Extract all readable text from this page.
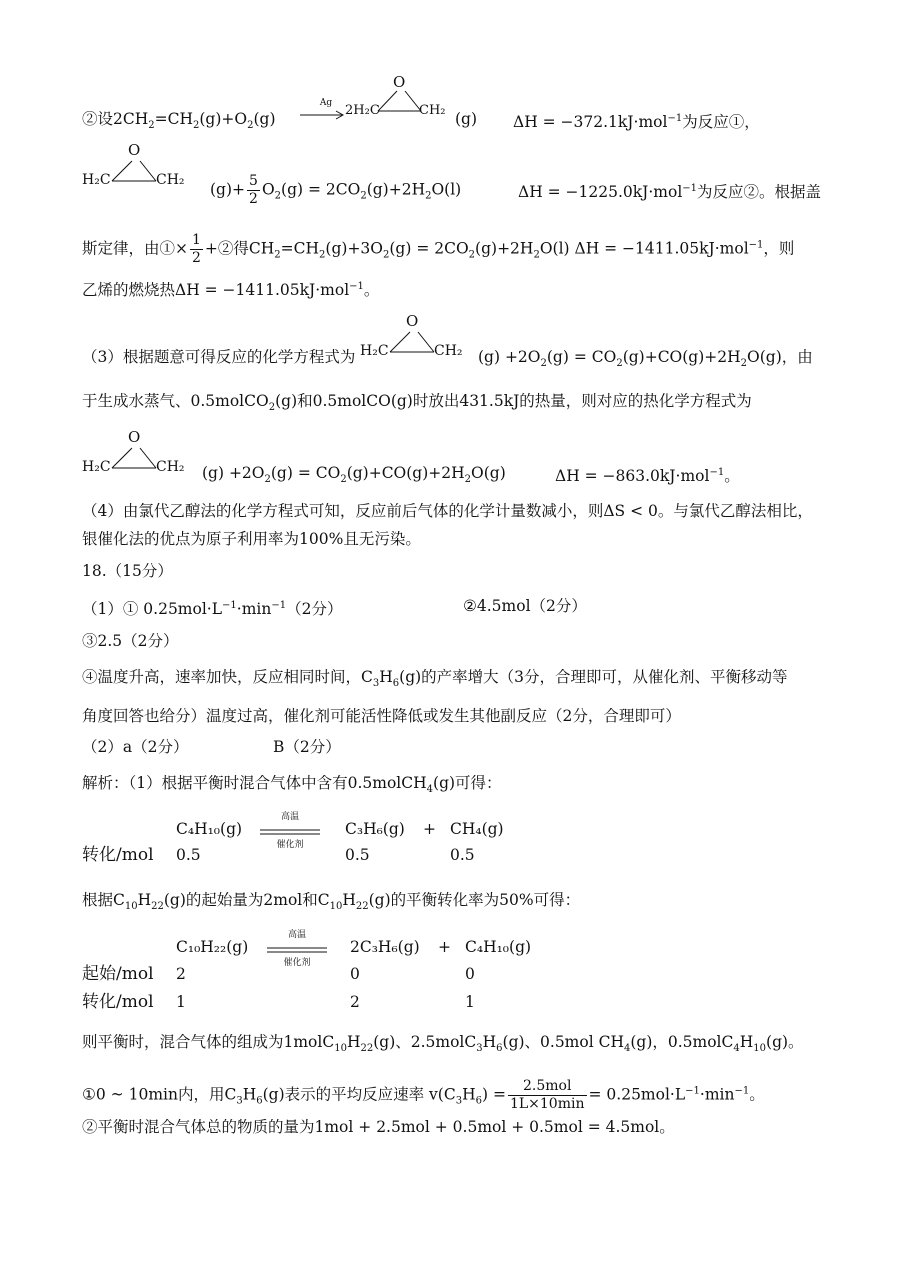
②设$2CH_2=CH_2(g)+O_2(g)$
Ag
O
2H₂C	CH₂ (g) ΔH = −372.1kJ·mol$^{-1}$为反应①，
O
H₂C	CH₂
$(g)+ \frac{5}{2} O_2(g) = 2CO_2(g)+2H_2O(l)$	ΔH = −1225.0kJ·mol$^{-1}$为反应②。根据盖
斯定律，由①× $\frac{1}{2}$ +②得$CH_2=CH_2(g)+3O_2(g) = 2CO_2(g)+2H_2O(l) \Delta H = -1411.05kJ\cdot mol^{-1}$，则
乙烯的燃烧热ΔH = −1411.05kJ·mol$^{-1}$。
（3）根据题意可得反应的化学方程式为
O
H₂C	CH₂ $(g) +2O_2(g) = CO_2(g)+CO(g)+2H_2O(g)$，由
于生成水蒸气、0.5molCO$_2$(g)和0.5molCO(g)时放出431.5kJ的热量，则对应的热化学方程式为
O
H₂C	CH₂ $(g) +2O_2(g) = CO_2(g)+CO(g)+2H_2O(g)$	ΔH = −863.0kJ·mol$^{-1}$。
（4）由氯代乙醇法的化学方程式可知，反应前后气体的化学计量数减小，则ΔS < 0。与氯代乙醇法相比，
银催化法的优点为原子利用率为100%且无污染。
18.（15分）
（1）① $0.25mol\cdot L^{-1}\cdot\min^{-1}(2$分）	②4.5mol（2分）
③2.5（2分）
④温度升高，速率加快，反应相同时间，$C_3H_6(g)$的产率增大（3分，合理即可，从催化剂、平衡移动等
角度回答也给分）温度过高，催化剂可能活性降低或发生其他副反应（2分，合理即可）
（2）a（2分）	B（2分）
解析：（1）根据平衡时混合气体中含有0.5molCH$_4$(g)可得：
C₄H₁₀(g)
高温
催化剂
C₃H₆(g) + CH₄(g)
转化/mol 0.5	0.5	0.5
根据$C_{10}H_{22}(g)$的起始量为2mol和$C_{10}H_{22}(g)$的平衡转化率为50%可得：
C₁₀H₂₂(g)
高温
催化剂
2C₃H₆(g) + C₄H₁₀(g)
起始/mol 2	0	0
转化/mol 1	2	1
则平衡时，混合气体的组成为$1molC_{10}H_{22}(g)$、$2.5molC_3H_6(g)$、0.5mol $CH_4(g)$，$0.5molC_4H_{10}(g)$。
①0 ~ 10min内，用$C_3H_6(g)$表示的平均反应速率 $v(C_3H_6) = \frac{\text{2.5mol}}{1L\times 10\min} = 0.25mol\cdot L^{-1}\cdot\min^{-1}$。
②平衡时混合气体总的物质的量为1mol + 2.5mol + 0.5mol + 0.5mol = 4.5mol。
